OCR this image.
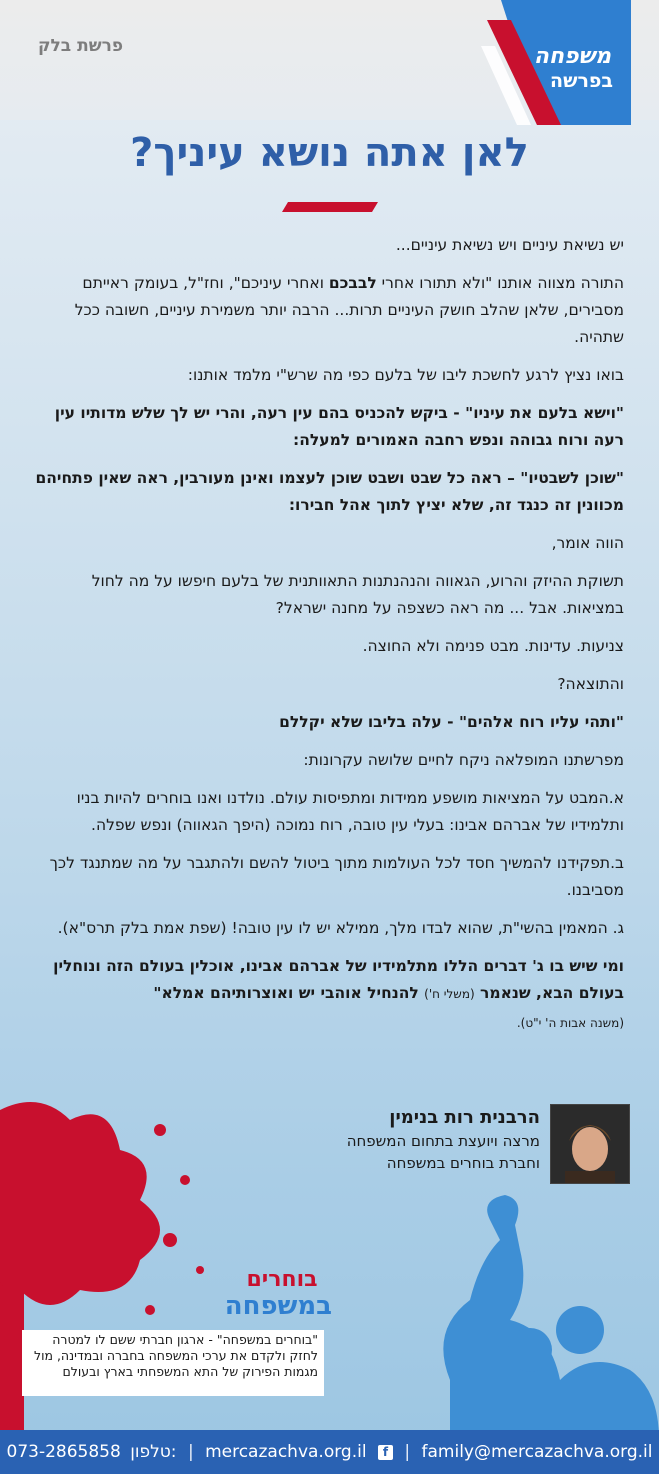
פרשת בלק	משפחה
בפרשה
לאן אתה נושא עיניך?

יש נשיאת עיניים ויש נשיאת עיניים...

התורה מצווה אותנו "ולא תתורו אחרי לבבכם ואחרי עיניכם", וחז"ל, בעומק ראייתם מסבירים, שלאן שהלב חושק העיניים תרות... הרבה יותר משמירת עיניים, חשובה ככל שתהיה.

בואו נציץ לרגע לחשכת ליבו של בלעם כפי מה שרש"י מלמד אותנו:

"וישא בלעם את עיניו" - ביקש להכניס בהם עין רעה, והרי יש לך שלש מדותיו עין רעה ורוח גבוהה ונפש רחבה האמורים למעלה:

"שוכן לשבטיו" – ראה כל שבט ושבט שוכן לעצמו ואינן מעורבין, ראה שאין פתחיהם מכוונין זה כנגד זה, שלא יציץ לתוך אהל חבירו:

הווה אומר,

תשוקת ההיזק והרוע, הגאווה והנהנתנות התאוותנית של בלעם חיפשו על מה לחול במציאות. אבל ... מה ראה כשצפה על מחנה ישראל?

צניעות. עדינות. מבט פנימה ולא החוצה.

והתוצאה?

"ותהי עליו רוח אלהים" - עלה בליבו שלא יקללם

מפרשתנו המופלאה ניקח לחיים שלושה עקרונות:

א.המבט על המציאות מושפע ממידות ומתפיסות עולם. נולדנו ואנו בוחרים להיות בניו ותלמידיו של אברהם אבינו: בעלי עין טובה, רוח נמוכה (היפך הגאווה) ונפש שפלה.

ב.תפקידנו להמשיך חסד לכל העולמות מתוך ביטול להשם ולהתגבר על מה שמתנגד לכך מסביבנו.

ג. המאמין בהשי"ת, שהוא לבדו מלך, ממילא יש לו עין טובה! (שפת אמת בלק תרס"א).

ומי שיש בו ג' דברים הללו מתלמידיו של אברהם אבינו, אוכלין בעולם הזה ונוחלין בעולם הבא, שנאמר (משלי ח') להנחיל אוהבי יש ואוצרותיהם אמלא"

(משנה אבות ה' י"ט).

הרבנית רות בנימין
מרצה ויועצת בתחום המשפחה
וחברת בוחרים במשפחה
בוחרים
במשפחה
"בוחרים במשפחה" - ארגון חברתי ששם לו למטרה לחזק ולקדם את ערכי המשפחה בחברה ובמדינה, מול מגמות הפירוק של התא המשפחתי בארץ ובעולם
073-2865858 טלפון: | mercazachva.org.il f | family@mercazachva.org.il
